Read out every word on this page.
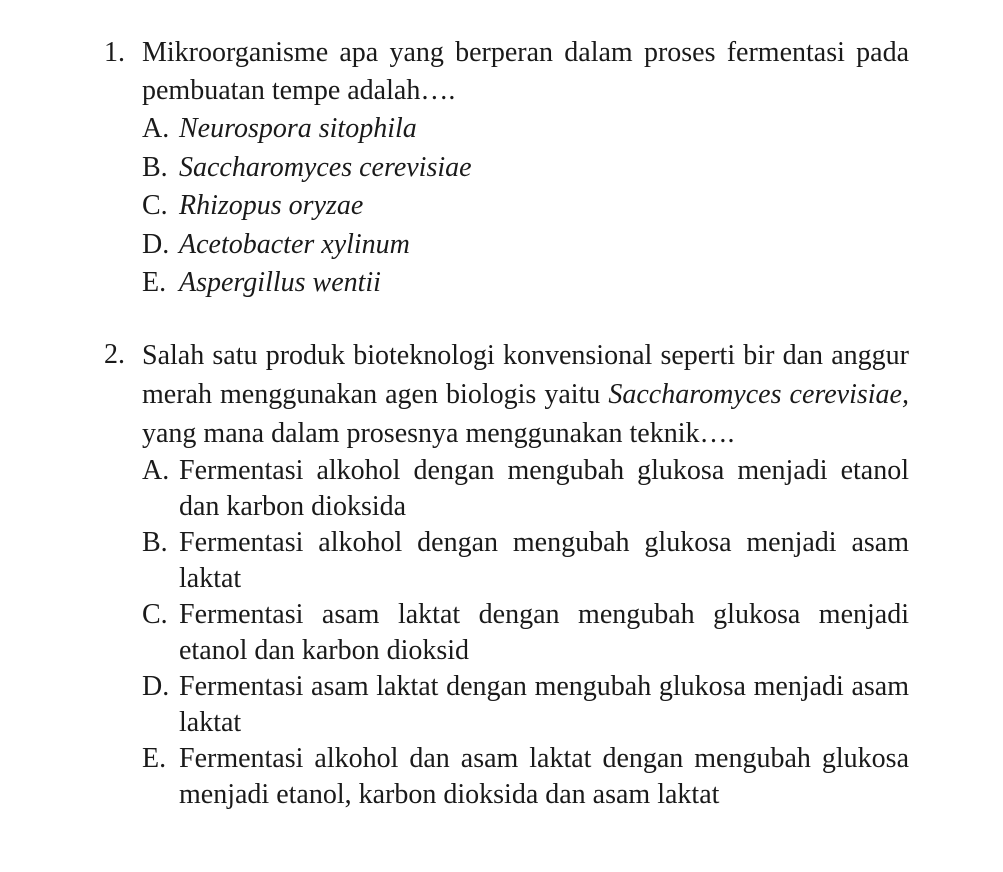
1. Mikroorganisme apa yang berperan dalam proses fermentasi pada pembuatan tempe adalah….
A. Neurospora sitophila
B. Saccharomyces cerevisiae
C. Rhizopus oryzae
D. Acetobacter xylinum
E. Aspergillus wentii
2. Salah satu produk bioteknologi konvensional seperti bir dan anggur merah menggunakan agen biologis yaitu Saccharomyces cerevisiae, yang mana dalam prosesnya menggunakan teknik….
A. Fermentasi alkohol dengan mengubah glukosa menjadi etanol dan karbon dioksida
B. Fermentasi alkohol dengan mengubah glukosa menjadi asam laktat
C. Fermentasi asam laktat dengan mengubah glukosa menjadi etanol dan karbon dioksid
D. Fermentasi asam laktat dengan mengubah glukosa menjadi asam laktat
E. Fermentasi alkohol dan asam laktat dengan mengubah glukosa menjadi etanol, karbon dioksida dan asam laktat
